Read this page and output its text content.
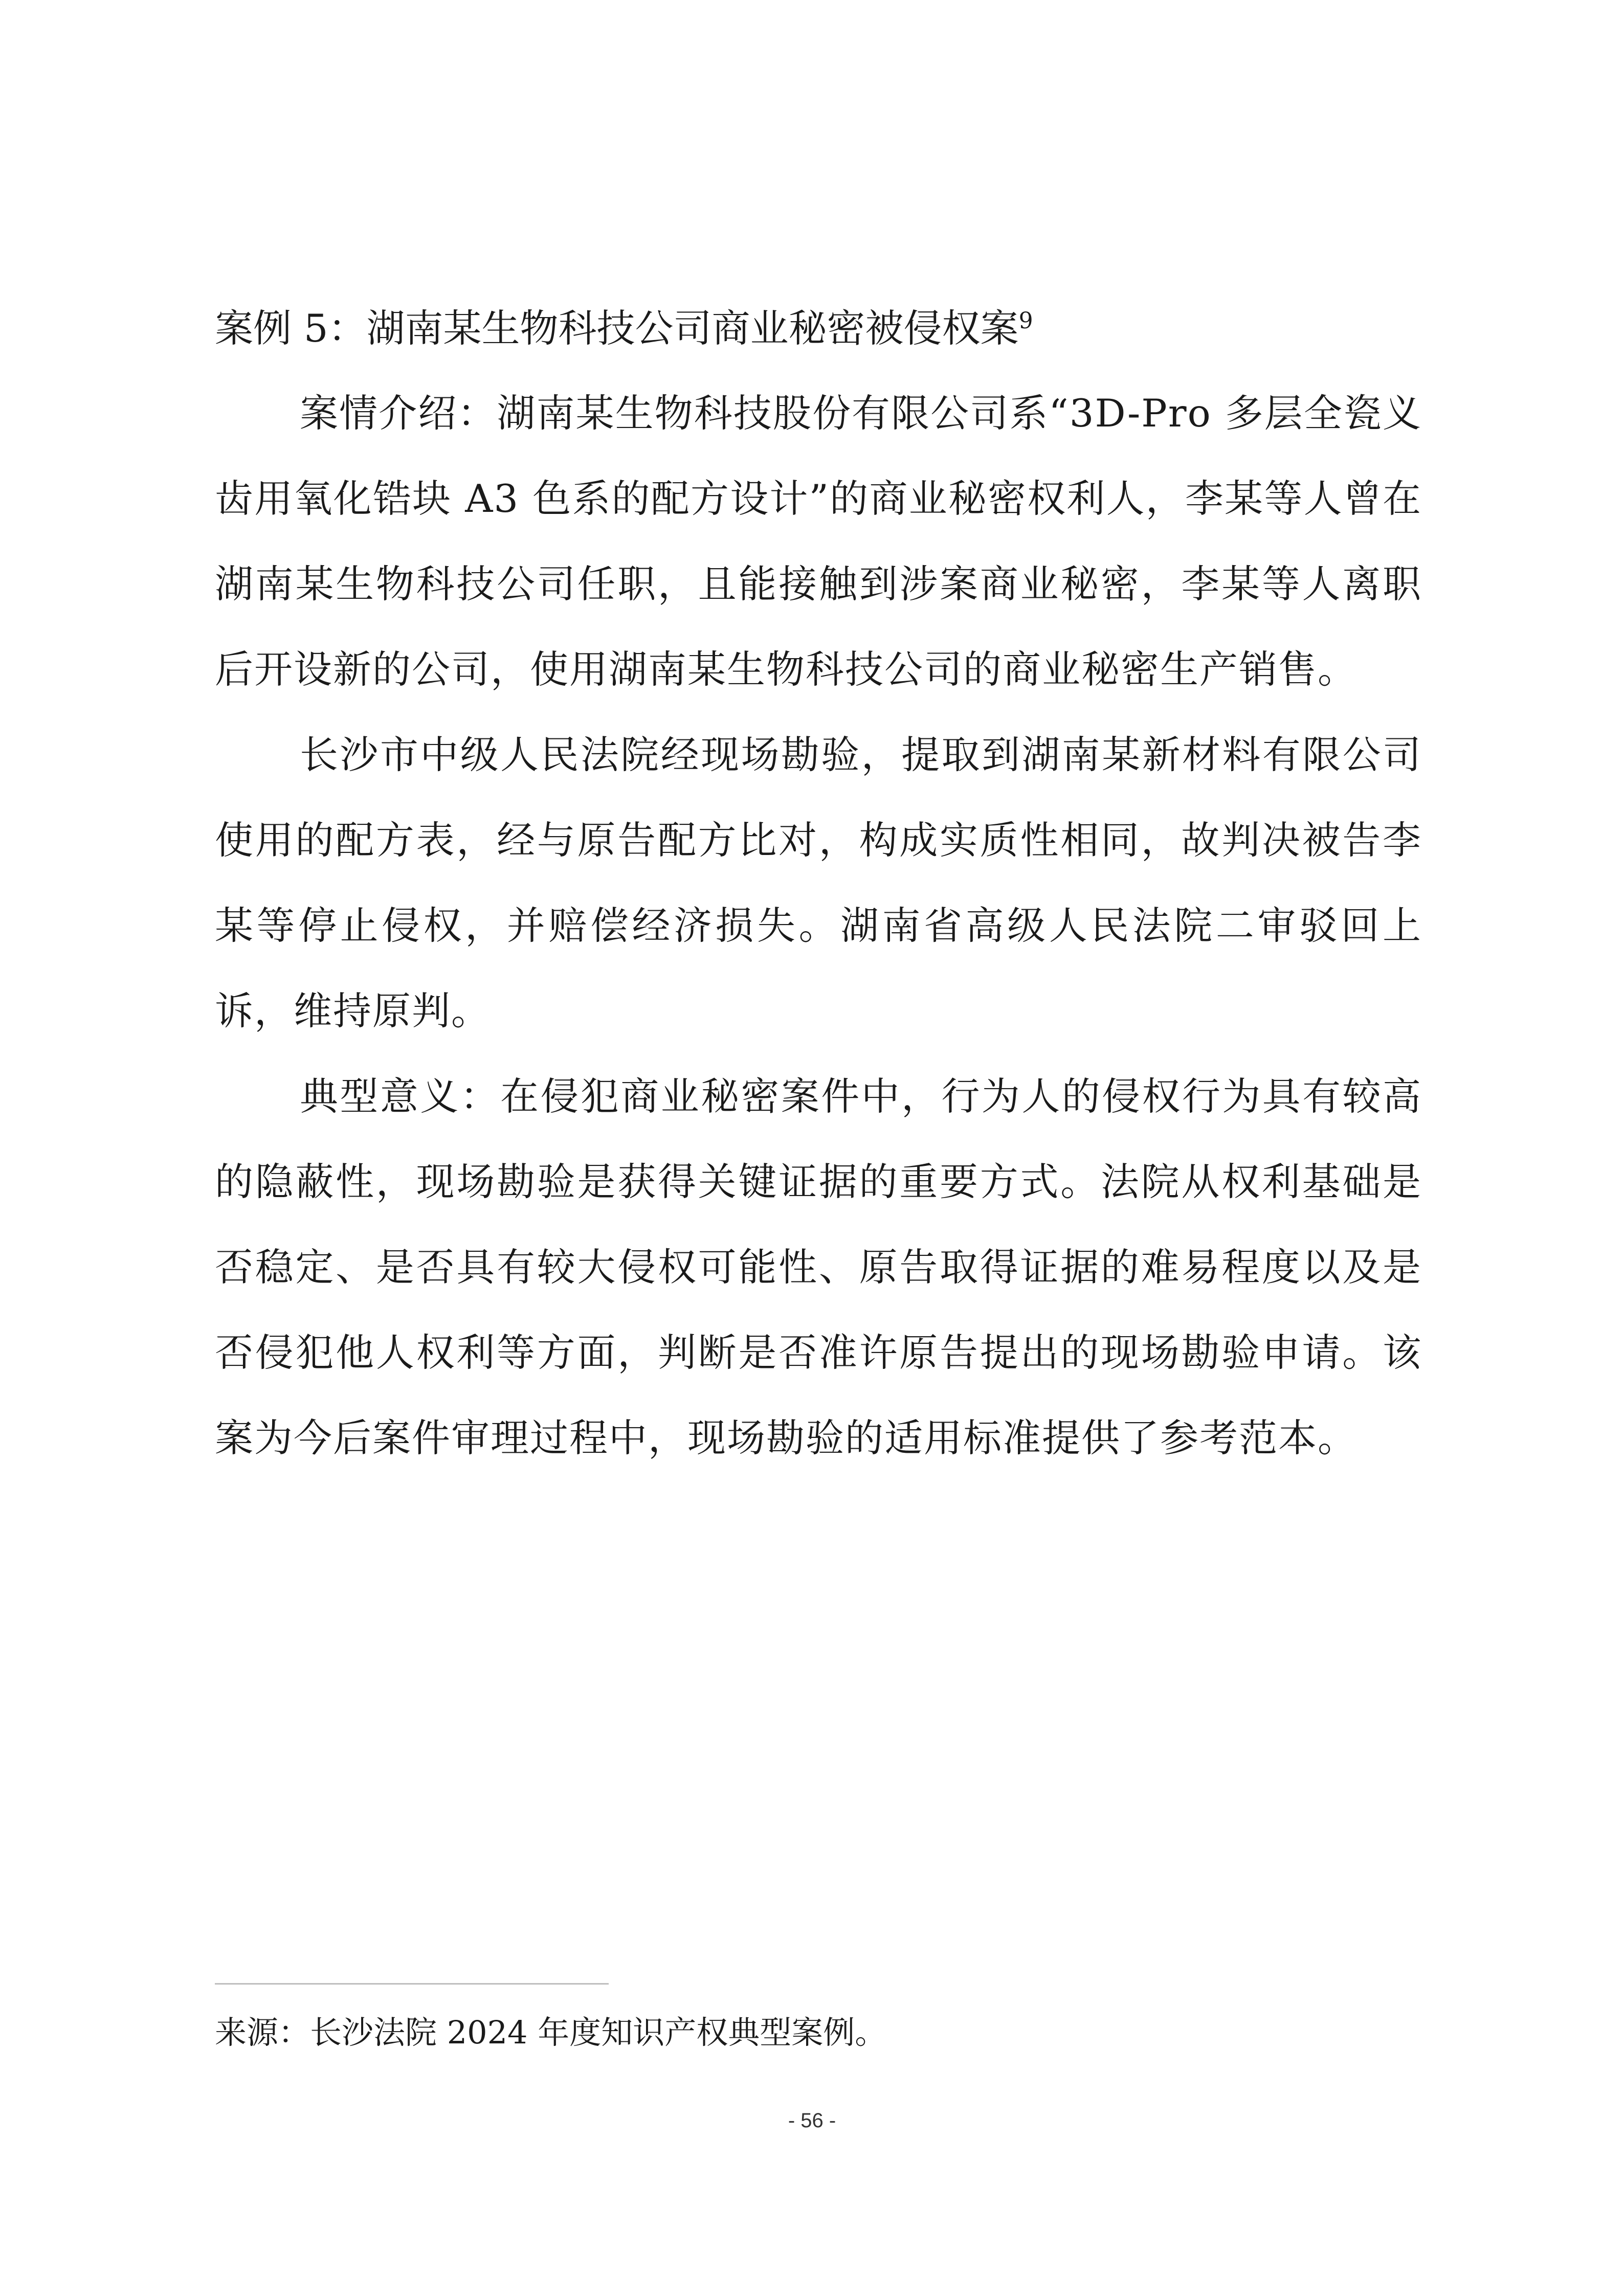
案例 5：湖南某生物科技公司商业秘密被侵权案$^9$

案情介绍：湖南某生物科技股份有限公司系“3D-Pro 多层全瓷义齿用氧化锆块 A3 色系的配方设计”的商业秘密权利人，李某等人曾在湖南某生物科技公司任职，且能接触到涉案商业秘密，李某等人离职后开设新的公司，使用湖南某生物科技公司的商业秘密生产销售。

长沙市中级人民法院经现场勘验，提取到湖南某新材料有限公司使用的配方表，经与原告配方比对，构成实质性相同，故判决被告李某等停止侵权，并赔偿经济损失。湖南省高级人民法院二审驳回上诉，维持原判。

典型意义：在侵犯商业秘密案件中，行为人的侵权行为具有较高的隐蔽性，现场勘验是获得关键证据的重要方式。法院从权利基础是否稳定、是否具有较大侵权可能性、原告取得证据的难易程度以及是否侵犯他人权利等方面，判断是否准许原告提出的现场勘验申请。该案为今后案件审理过程中，现场勘验的适用标准提供了参考范本。

来源：长沙法院 2024 年度知识产权典型案例。

- 56 -
